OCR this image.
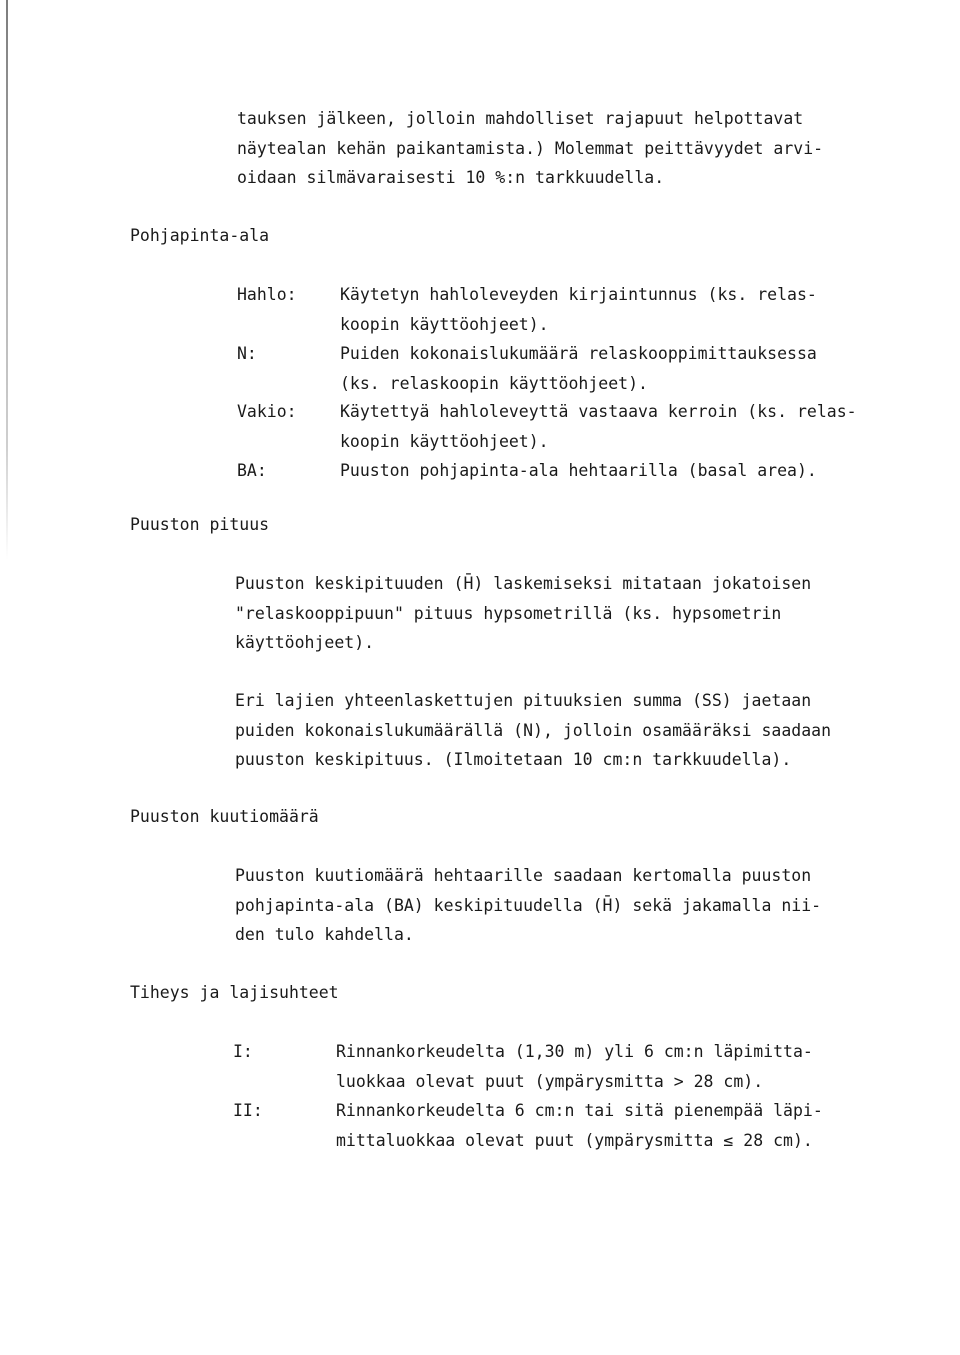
tauksen jälkeen, jolloin mahdolliset rajapuut helpottavat
näytealan kehän paikantamista.) Molemmat peittävyydet arvi-
oidaan silmävaraisesti 10 %:n tarkkuudella.
Pohjapinta-ala
Hahlo:	Käytetyn hahloleveyden kirjaintunnus (ks. relas-
koopin käyttöohjeet).
N:	Puiden kokonaislukumäärä relaskooppimittauksessa
(ks. relaskoopin käyttöohjeet).
Vakio:	Käytettyä hahloleveyttä vastaava kerroin (ks. relas-
koopin käyttöohjeet).
BA:	Puuston pohjapinta-ala hehtaarilla (basal area).
Puuston pituus
Puuston keskipituuden (H̄) laskemiseksi mitataan jokatoisen
"relaskooppipuun" pituus hypsometrillä (ks. hypsometrin
käyttöohjeet).
Eri lajien yhteenlaskettujen pituuksien summa (SS) jaetaan
puiden kokonaislukumäärällä (N), jolloin osamääräksi saadaan
puuston keskipituus. (Ilmoitetaan 10 cm:n tarkkuudella).
Puuston kuutiomäärä
Puuston kuutiomäärä hehtaarille saadaan kertomalla puuston
pohjapinta-ala (BA) keskipituudella (H̄) sekä jakamalla nii-
den tulo kahdella.
Tiheys ja lajisuhteet
I:	Rinnankorkeudelta (1,30 m) yli 6 cm:n läpimitta-
luokkaa olevat puut (ympärysmitta > 28 cm).
II:	Rinnankorkeudelta 6 cm:n tai sitä pienempää läpi-
mittaluokkaa olevat puut (ympärysmitta ≤ 28 cm).
